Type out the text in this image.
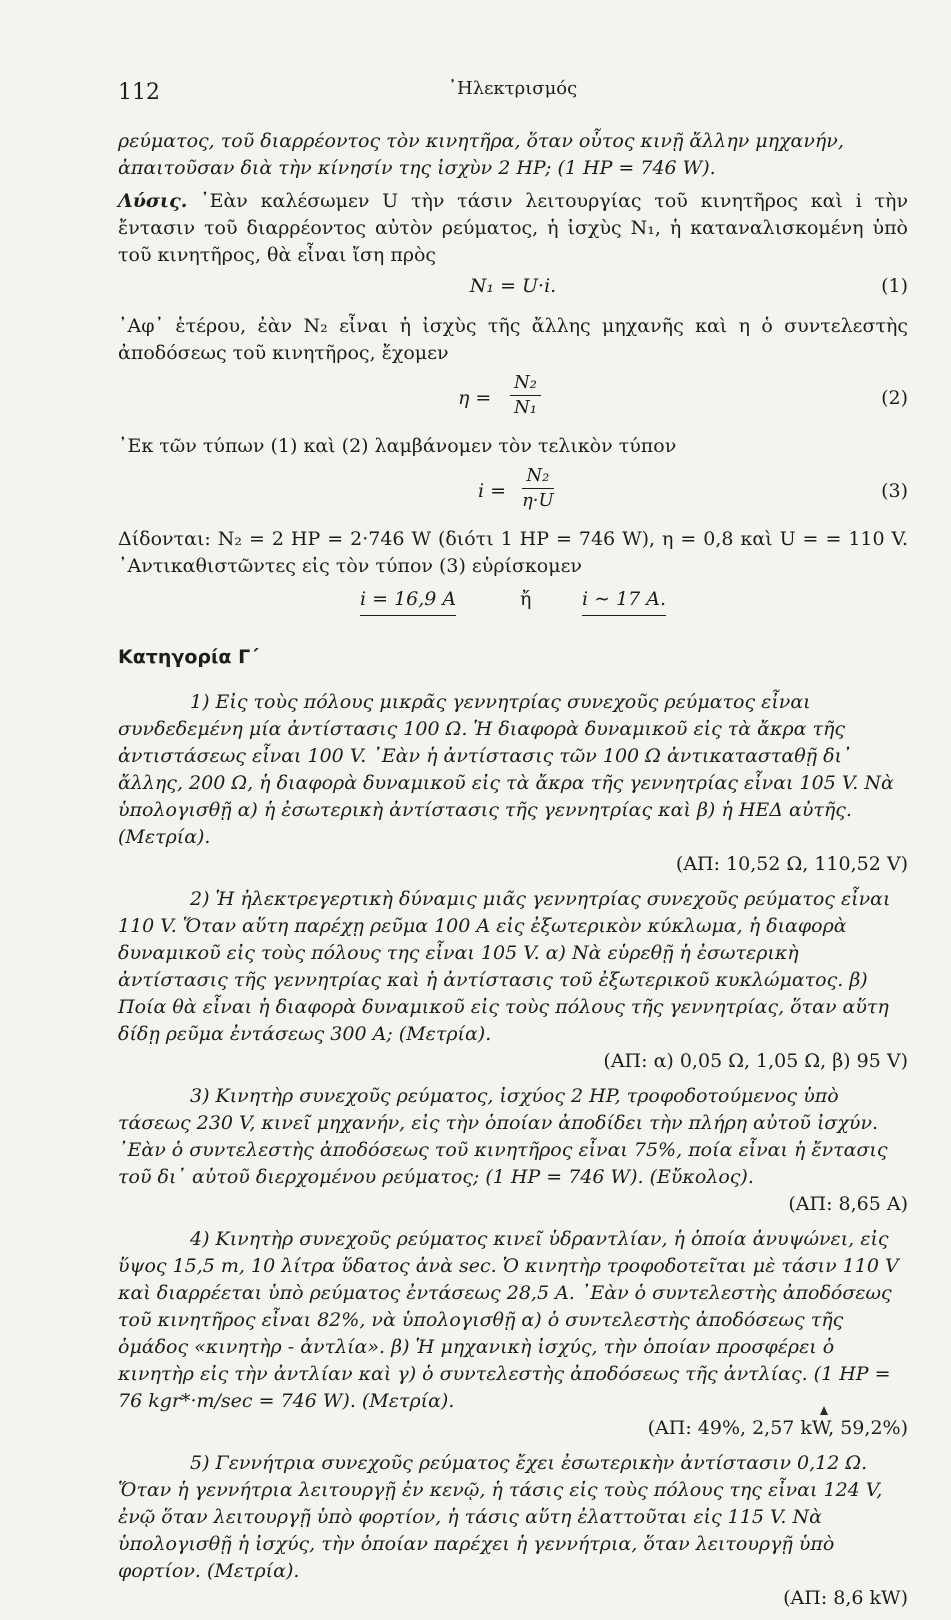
112	᾿Ηλεκτρισμός

ρεύματος, τοῦ διαρρέοντος τὸν κινητῆρα, ὅταν οὗτος κινῇ ἄλλην μηχανήν,

ἀπαιτοῦσαν διὰ τὴν κίνησίν της ἰσχὺν 2 HP; (1 HP = 746 W).

Λύσις. ᾿Εὰν καλέσωμεν U τὴν τάσιν λειτουργίας τοῦ κινητῆρος καὶ i τὴν ἔντασιν τοῦ διαρρέοντος αὐτὸν ρεύματος, ἡ ἰσχὺς N₁, ἡ καταναλισκομένη ὑπὸ τοῦ κινητῆρος, θὰ εἶναι ἴση πρὸς

N₁ = U·i.	(1)

᾿Αφ᾿ ἑτέρου, ἐὰν N₂ εἶναι ἡ ἰσχὺς τῆς ἄλλης μηχανῆς καὶ η ὁ συντελεστὴς ἀποδόσεως τοῦ κινητῆρος, ἔχομεν

$\eta = \frac{\text{N₂}}{\text{N₁}}$	(2)

᾿Εκ τῶν τύπων (1) καὶ (2) λαμβάνομεν τὸν τελικὸν τύπον

$i = \frac{\text{N₂}}{\eta\cdot U}$	(3)

Δίδονται: N₂ = 2 HP = 2·746 W (διότι 1 HP = 746 W), η = 0,8 καὶ U = = 110 V. ᾿Αντικαθιστῶντες εἰς τὸν τύπον (3) εὑρίσκομεν

i = 16,9 A	ἤ	i ∼ 17 A.
Κατηγορία Γ΄
1) Εἰς τοὺς πόλους μικρᾶς γεννητρίας συνεχοῦς ρεύματος εἶναι συνδεδεμένη μία ἀντίστασις 100 Ω. Ἡ διαφορὰ δυναμικοῦ εἰς τὰ ἄκρα τῆς ἀντιστάσεως εἶναι 100 V. ᾿Εὰν ἡ ἀντίστασις τῶν 100 Ω ἀντικατασταθῇ δι᾿ ἄλλης, 200 Ω, ἡ διαφορὰ δυναμικοῦ εἰς τὰ ἄκρα τῆς γεννητρίας εἶναι 105 V. Νὰ ὑπολογισθῇ α) ἡ ἐσωτερικὴ ἀντίστασις τῆς γεννητρίας καὶ β) ἡ ΗΕΔ αὐτῆς. (Μετρία).
(ΑΠ: 10,52 Ω, 110,52 V)
2) Ἡ ἠλεκτρεγερτικὴ δύναμις μιᾶς γεννητρίας συνεχοῦς ρεύματος εἶναι 110 V. Ὅταν αὕτη παρέχῃ ρεῦμα 100 A εἰς ἐξωτερικὸν κύκλωμα, ἡ διαφορὰ δυναμικοῦ εἰς τοὺς πόλους της εἶναι 105 V. α) Νὰ εὑρεθῇ ἡ ἐσωτερικὴ ἀντίστασις τῆς γεννητρίας καὶ ἡ ἀντίστασις τοῦ ἐξωτερικοῦ κυκλώματος. β) Ποία θὰ εἶναι ἡ διαφορὰ δυναμικοῦ εἰς τοὺς πόλους τῆς γεννητρίας, ὅταν αὕτη δίδῃ ρεῦμα ἐντάσεως 300 A; (Μετρία).
(ΑΠ: α) 0,05 Ω, 1,05 Ω, β) 95 V)
3) Κινητὴρ συνεχοῦς ρεύματος, ἰσχύος 2 HP, τροφοδοτούμενος ὑπὸ τάσεως 230 V, κινεῖ μηχανήν, εἰς τὴν ὁποίαν ἀποδίδει τὴν πλήρη αὐτοῦ ἰσχύν. ᾿Εὰν ὁ συντελεστὴς ἀποδόσεως τοῦ κινητῆρος εἶναι 75%, ποία εἶναι ἡ ἔντασις τοῦ δι᾿ αὐτοῦ διερχομένου ρεύματος; (1 HP = 746 W). (Εὔκολος).
(ΑΠ: 8,65 A)
4) Κινητὴρ συνεχοῦς ρεύματος κινεῖ ὑδραντλίαν, ἡ ὁποία ἀνυψώνει, εἰς ὕψος 15,5 m, 10 λίτρα ὕδατος ἀνὰ sec. Ὁ κινητὴρ τροφοδοτεῖται μὲ τάσιν 110 V καὶ διαρρέεται ὑπὸ ρεύματος ἐντάσεως 28,5 A. ᾿Εὰν ὁ συντελεστὴς ἀποδόσεως τοῦ κινητῆρος εἶναι 82%, νὰ ὑπολογισθῇ α) ὁ συντελεστὴς ἀποδόσεως τῆς ὁμάδος «κινητὴρ - ἀντλία». β) Ἡ μηχανικὴ ἰσχύς, τὴν ὁποίαν προσφέρει ὁ κινητὴρ εἰς τὴν ἀντλίαν καὶ γ) ὁ συντελεστὴς ἀποδόσεως τῆς ἀντλίας. (1 HP = 76 kgr*·m/sec = 746 W). (Μετρία).
(ΑΠ: 49%, 2,57 kW, 59,2%)
5) Γεννήτρια συνεχοῦς ρεύματος ἔχει ἐσωτερικὴν ἀντίστασιν 0,12 Ω. Ὅταν ἡ γεννήτρια λειτουργῇ ἐν κενῷ, ἡ τάσις εἰς τοὺς πόλους της εἶναι 124 V, ἐνῷ ὅταν λειτουργῇ ὑπὸ φορτίον, ἡ τάσις αὕτη ἐλαττοῦται εἰς 115 V. Νὰ ὑπολογισθῇ ἡ ἰσχύς, τὴν ὁποίαν παρέχει ἡ γεννήτρια, ὅταν λειτουργῇ ὑπὸ φορτίον. (Μετρία).
(ΑΠ: 8,6 kW)
